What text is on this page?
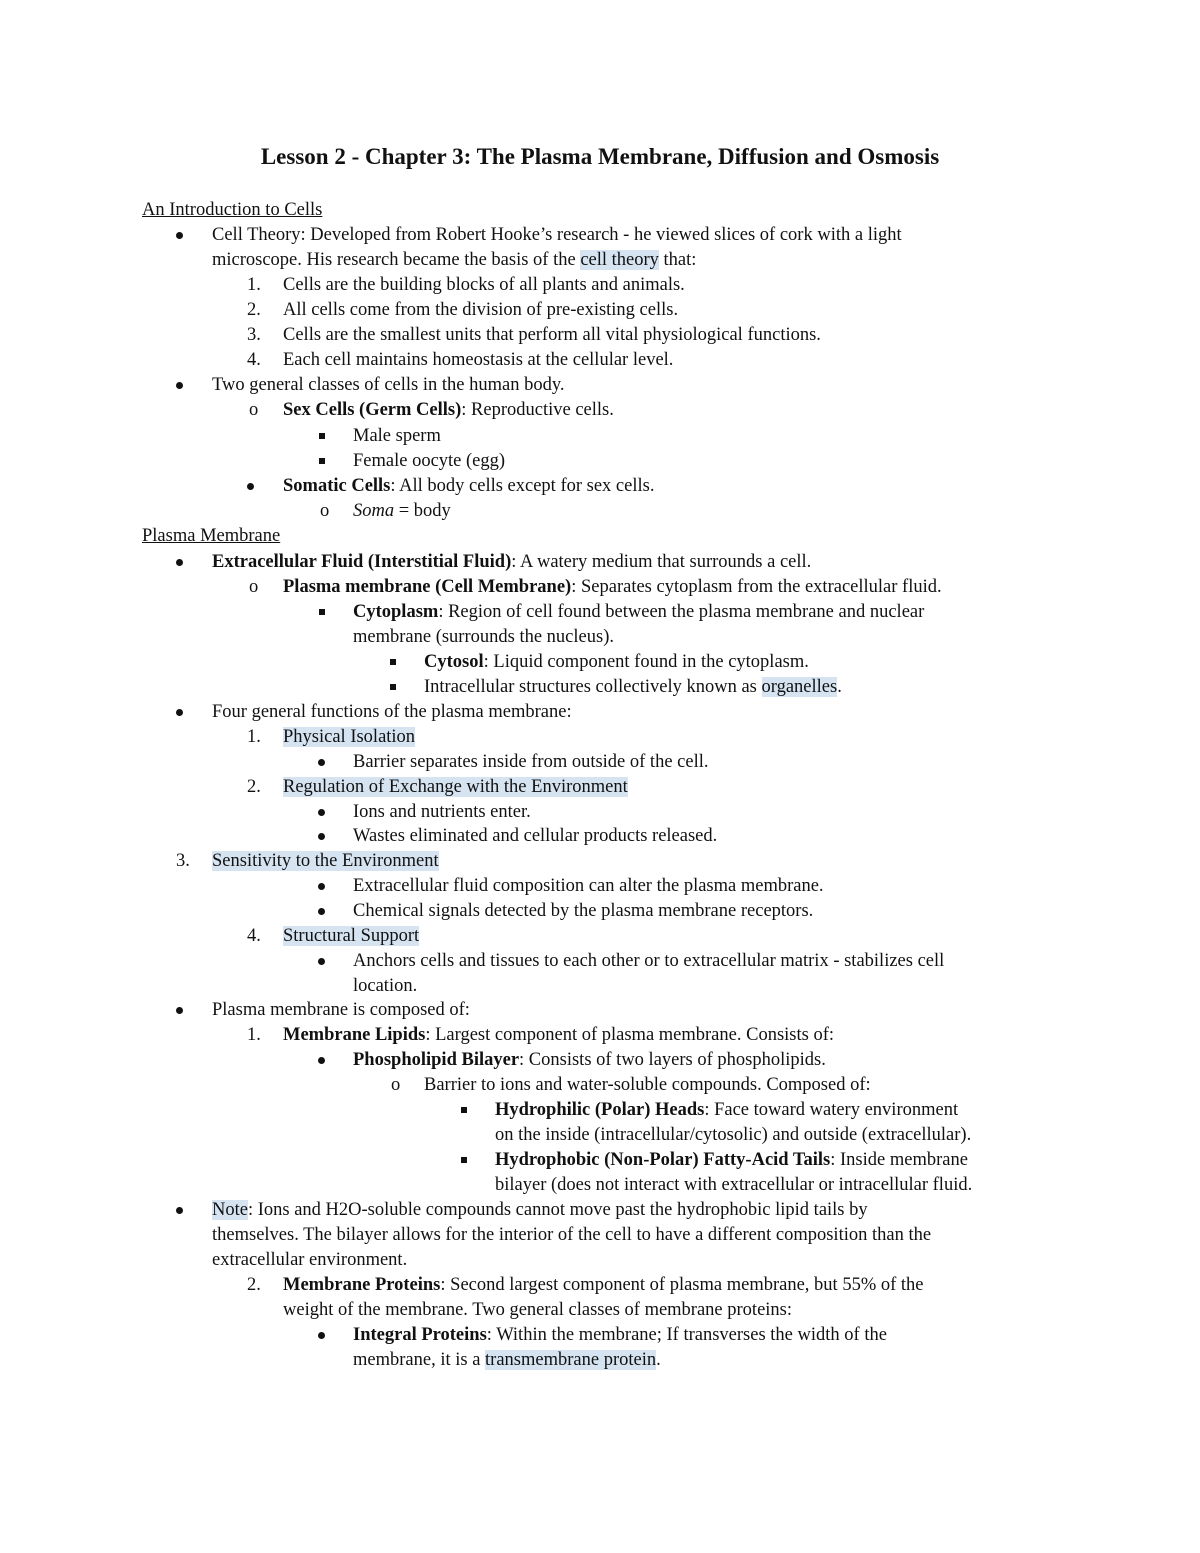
Lesson 2 - Chapter 3: The Plasma Membrane, Diffusion and Osmosis
An Introduction to Cells
Cell Theory: Developed from Robert Hooke’s research - he viewed slices of cork with a light
microscope. His research became the basis of the cell theory that:
1. Cells are the building blocks of all plants and animals.
2. All cells come from the division of pre-existing cells.
3. Cells are the smallest units that perform all vital physiological functions.
4. Each cell maintains homeostasis at the cellular level.
Two general classes of cells in the human body.
o Sex Cells (Germ Cells): Reproductive cells.
Male sperm
Female oocyte (egg)
Somatic Cells: All body cells except for sex cells.
o Soma = body
Plasma Membrane
Extracellular Fluid (Interstitial Fluid): A watery medium that surrounds a cell.
o Plasma membrane (Cell Membrane): Separates cytoplasm from the extracellular fluid.
Cytoplasm: Region of cell found between the plasma membrane and nuclear
membrane (surrounds the nucleus).
Cytosol: Liquid component found in the cytoplasm.
Intracellular structures collectively known as organelles.
Four general functions of the plasma membrane:
1. Physical Isolation
Barrier separates inside from outside of the cell.
2. Regulation of Exchange with the Environment
Ions and nutrients enter.
Wastes eliminated and cellular products released.
3. Sensitivity to the Environment
Extracellular fluid composition can alter the plasma membrane.
Chemical signals detected by the plasma membrane receptors.
4. Structural Support
Anchors cells and tissues to each other or to extracellular matrix - stabilizes cell
location.
Plasma membrane is composed of:
1. Membrane Lipids: Largest component of plasma membrane. Consists of:
Phospholipid Bilayer: Consists of two layers of phospholipids.
o Barrier to ions and water-soluble compounds. Composed of:
Hydrophilic (Polar) Heads: Face toward watery environment
on the inside (intracellular/cytosolic) and outside (extracellular).
Hydrophobic (Non-Polar) Fatty-Acid Tails: Inside membrane
bilayer (does not interact with extracellular or intracellular fluid.
Note: Ions and H2O-soluble compounds cannot move past the hydrophobic lipid tails by
themselves. The bilayer allows for the interior of the cell to have a different composition than the
extracellular environment.
2. Membrane Proteins: Second largest component of plasma membrane, but 55% of the
weight of the membrane. Two general classes of membrane proteins:
Integral Proteins: Within the membrane; If transverses the width of the
membrane, it is a transmembrane protein.
